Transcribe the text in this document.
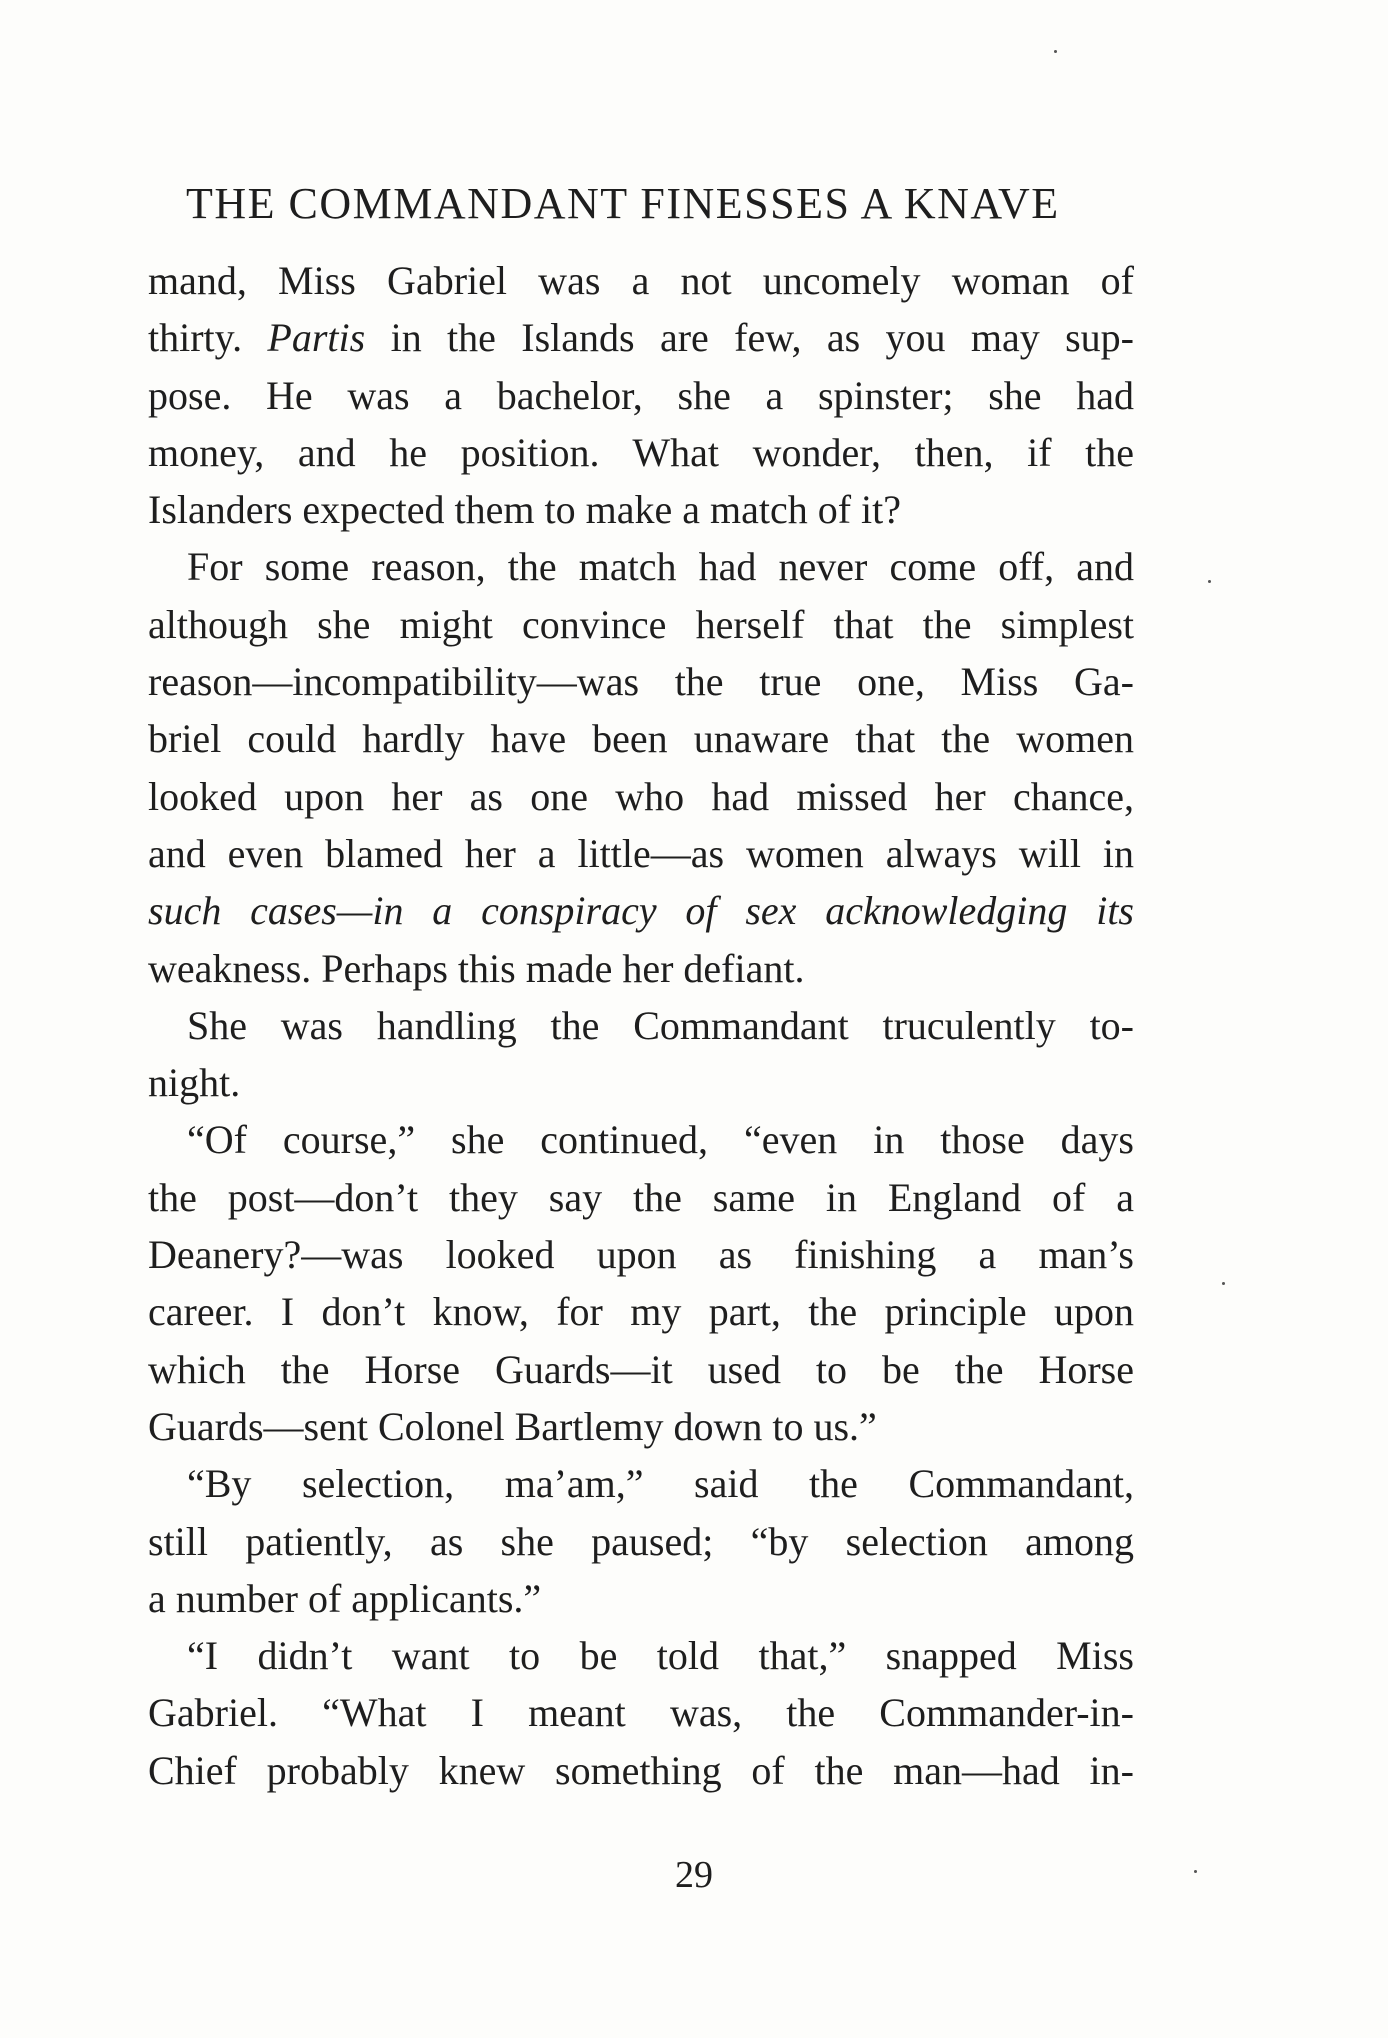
THE COMMANDANT FINESSES A KNAVE
mand, Miss Gabriel was a not uncomely woman of
thirty. Partis in the Islands are few, as you may sup-
pose. He was a bachelor, she a spinster; she had
money, and he position. What wonder, then, if the
Islanders expected them to make a match of it?
For some reason, the match had never come off, and
although she might convince herself that the simplest
reason—incompatibility—was the true one, Miss Ga-
briel could hardly have been unaware that the women
looked upon her as one who had missed her chance,
and even blamed her a little—as women always will in
such cases—in a conspiracy of sex acknowledging its
weakness. Perhaps this made her defiant.
She was handling the Commandant truculently to-
night.
“Of course,” she continued, “even in those days
the post—don’t they say the same in England of a
Deanery?—was looked upon as finishing a man’s
career. I don’t know, for my part, the principle upon
which the Horse Guards—it used to be the Horse
Guards—sent Colonel Bartlemy down to us.”
“By selection, ma’am,” said the Commandant,
still patiently, as she paused; “by selection among
a number of applicants.”
“I didn’t want to be told that,” snapped Miss
Gabriel. “What I meant was, the Commander-in-
Chief probably knew something of the man—had in-
29
